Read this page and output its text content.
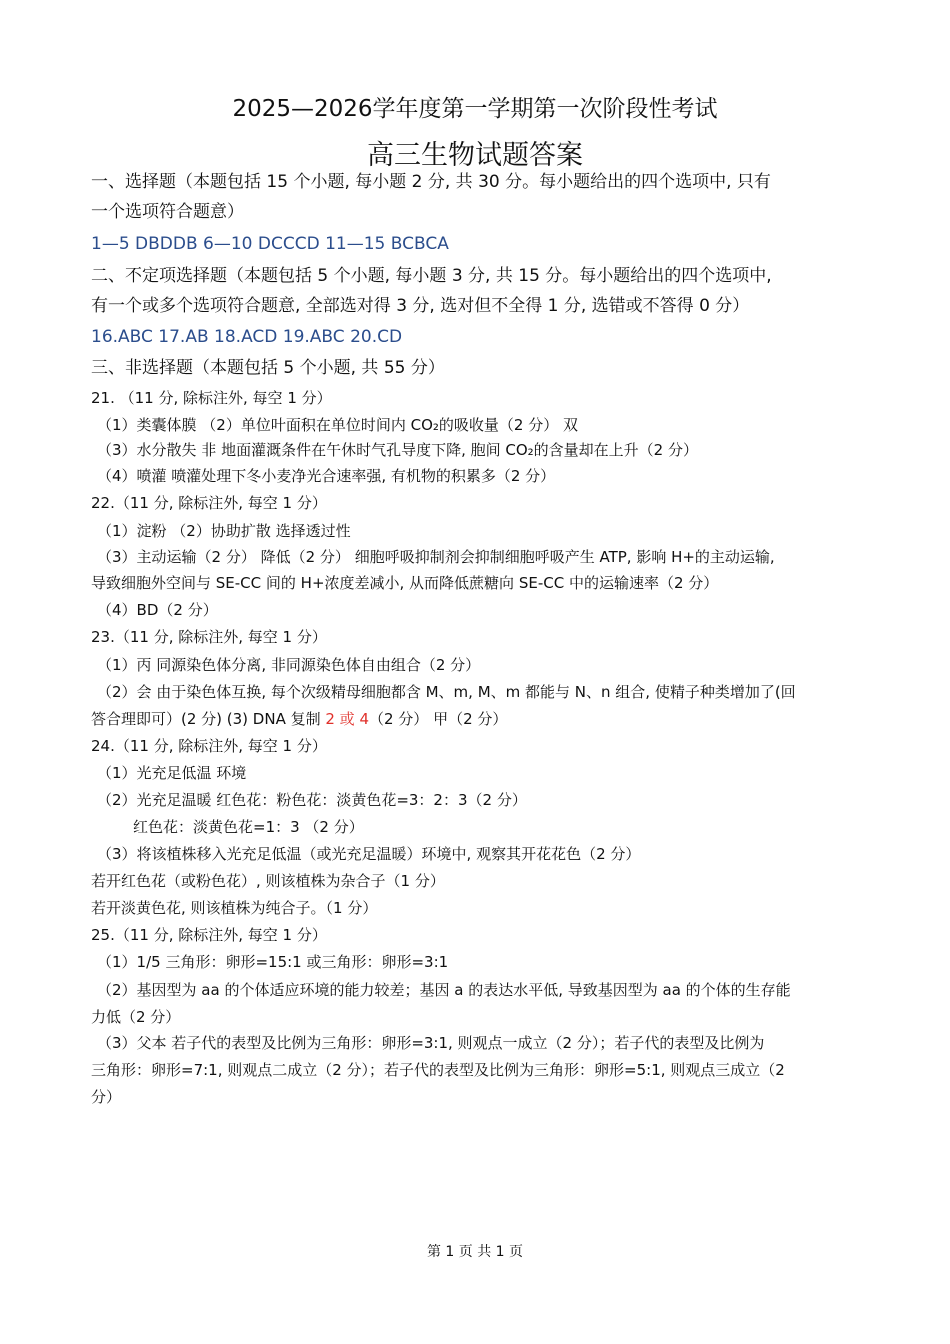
2025—2026学年度第一学期第一次阶段性考试
高三生物试题答案
一、选择题（本题包括 15 个小题, 每小题 2 分, 共 30 分。每小题给出的四个选项中, 只有
一个选项符合题意）
1—5 DBDDB 6—10 DCCCD 11—15 BCBCA
二、不定项选择题（本题包括 5 个小题, 每小题 3 分, 共 15 分。每小题给出的四个选项中,
有一个或多个选项符合题意, 全部选对得 3 分, 选对但不全得 1 分, 选错或不答得 0 分）
16.ABC 17.AB 18.ACD 19.ABC 20.CD
三、非选择题（本题包括 5 个小题, 共 55 分）
21. （11 分, 除标注外, 每空 1 分）
（1）类囊体膜 （2）单位叶面积在单位时间内 CO₂的吸收量（2 分） 双
（3）水分散失 非 地面灌溉条件在午休时气孔导度下降, 胞间 CO₂的含量却在上升（2 分）
（4）喷灌 喷灌处理下冬小麦净光合速率强, 有机物的积累多（2 分）
22.（11 分, 除标注外, 每空 1 分）
（1）淀粉 （2）协助扩散 选择透过性
（3）主动运输（2 分） 降低（2 分） 细胞呼吸抑制剂会抑制细胞呼吸产生 ATP, 影响 H+的主动运输,
导致细胞外空间与 SE-CC 间的 H+浓度差减小, 从而降低蔗糖向 SE-CC 中的运输速率（2 分）
（4）BD（2 分）
23.（11 分, 除标注外, 每空 1 分）
（1）丙 同源染色体分离, 非同源染色体自由组合（2 分）
（2）会 由于染色体互换, 每个次级精母细胞都含 M、m, M、m 都能与 N、n 组合, 使精子种类增加了(回
答合理即可）(2 分) (3) DNA 复制 2 或 4（2 分） 甲（2 分）
24.（11 分, 除标注外, 每空 1 分）
（1）光充足低温 环境
（2）光充足温暖 红色花：粉色花：淡黄色花=3：2：3（2 分）
红色花：淡黄色花=1：3 （2 分）
（3）将该植株移入光充足低温（或光充足温暖）环境中, 观察其开花花色（2 分）
若开红色花（或粉色花）, 则该植株为杂合子（1 分）
若开淡黄色花, 则该植株为纯合子。（1 分）
25.（11 分, 除标注外, 每空 1 分）
（1）1/5 三角形：卵形=15:1 或三角形：卵形=3:1
（2）基因型为 aa 的个体适应环境的能力较差；基因 a 的表达水平低, 导致基因型为 aa 的个体的生存能
力低（2 分）
（3）父本 若子代的表型及比例为三角形：卵形=3:1, 则观点一成立（2 分）；若子代的表型及比例为
三角形：卵形=7:1, 则观点二成立（2 分）；若子代的表型及比例为三角形：卵形=5:1, 则观点三成立（2
分）
第 1 页 共 1 页
